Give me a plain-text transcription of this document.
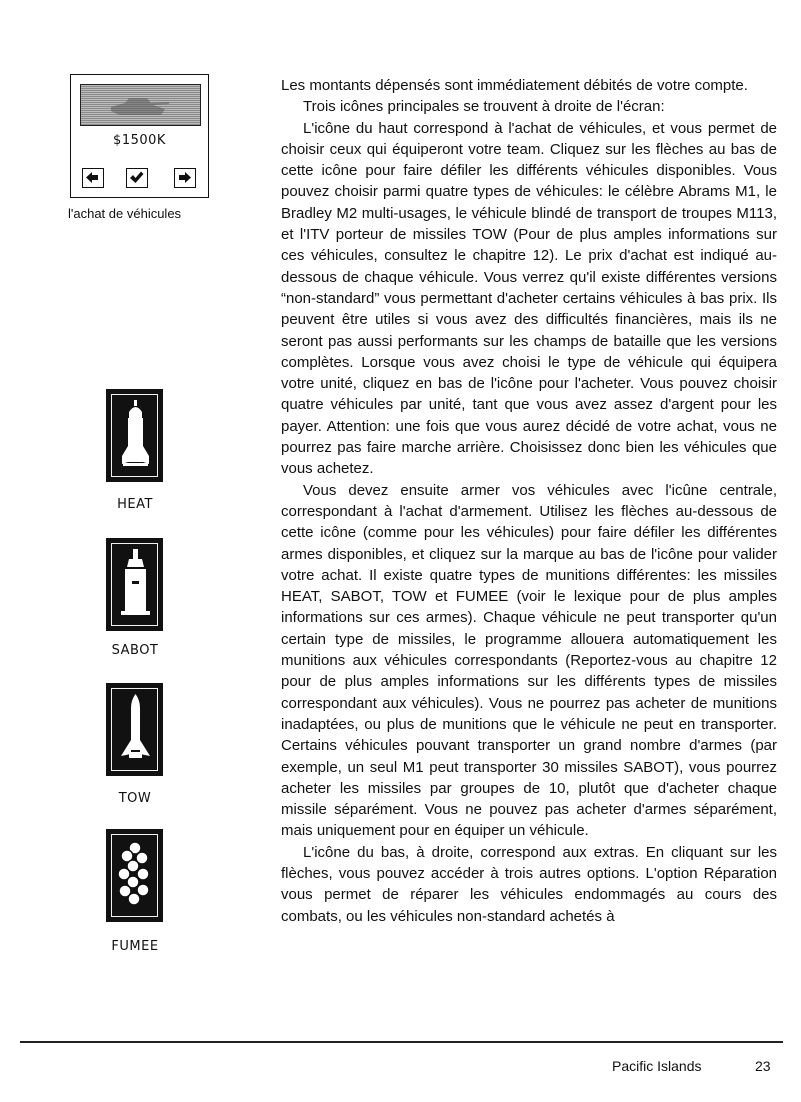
$1500K
l'achat de véhicules
HEAT
SABOT
TOW
FUMEE

Les montants dépensés sont immédiatement débités de votre compte.

Trois icônes principales se trouvent à droite de l'écran:

L'icône du haut correspond à l'achat de véhicules, et vous permet de choisir ceux qui équiperont votre team. Cliquez sur les flèches au bas de cette icône pour faire défiler les différents véhicules disponibles. Vous pouvez choisir parmi quatre types de véhicules: le célèbre Abrams M1, le Bradley M2 multi-usages, le véhicule blindé de transport de troupes M113, et l'ITV porteur de missiles TOW (Pour de plus amples informations sur ces véhicules, consultez le chapitre 12). Le prix d'achat est indiqué au-dessous de chaque véhicule. Vous verrez qu'il existe différentes versions “non-standard” vous permettant d'acheter certains véhicules à bas prix. Ils peuvent être utiles si vous avez des difficultés financières, mais ils ne seront pas aussi performants sur les champs de bataille que les versions complètes. Lorsque vous avez choisi le type de véhicule qui équipera votre unité, cliquez en bas de l'icône pour l'acheter. Vous pouvez choisir quatre véhicules par unité, tant que vous avez assez d'argent pour les payer. Attention: une fois que vous aurez décidé de votre achat, vous ne pourrez pas faire marche arrière. Choisissez donc bien les véhicules que vous achetez.

Vous devez ensuite armer vos véhicules avec l'icûne centrale, correspondant à l'achat d'armement. Utilisez les flèches au-dessous de cette icône (comme pour les véhicules) pour faire défiler les différentes armes disponibles, et cliquez sur la marque au bas de l'icône pour valider votre achat. Il existe quatre types de munitions différentes: les missiles HEAT, SABOT, TOW et FUMEE (voir le lexique pour de plus amples informations sur ces armes). Chaque véhicule ne peut transporter qu'un certain type de missiles, le programme allouera automatiquement les munitions aux véhicules correspondants (Reportez-vous au chapitre 12 pour de plus amples informations sur les différents types de missiles correspondant aux véhicules). Vous ne pourrez pas acheter de munitions inadaptées, ou plus de munitions que le véhicule ne peut en transporter. Certains véhicules pouvant transporter un grand nombre d'armes (par exemple, un seul M1 peut transporter 30 missiles SABOT), vous pourrez acheter les missiles par groupes de 10, plutôt que d'acheter chaque missile séparément. Vous ne pouvez pas acheter d'armes séparément, mais uniquement pour en équiper un véhicule.

L'icône du bas, à droite, correspond aux extras. En cliquant sur les flèches, vous pouvez accéder à trois autres options. L'option Réparation vous permet de réparer les véhicules endommagés au cours des combats, ou les véhicules non-standard achetés à

Pacific Islands	23
